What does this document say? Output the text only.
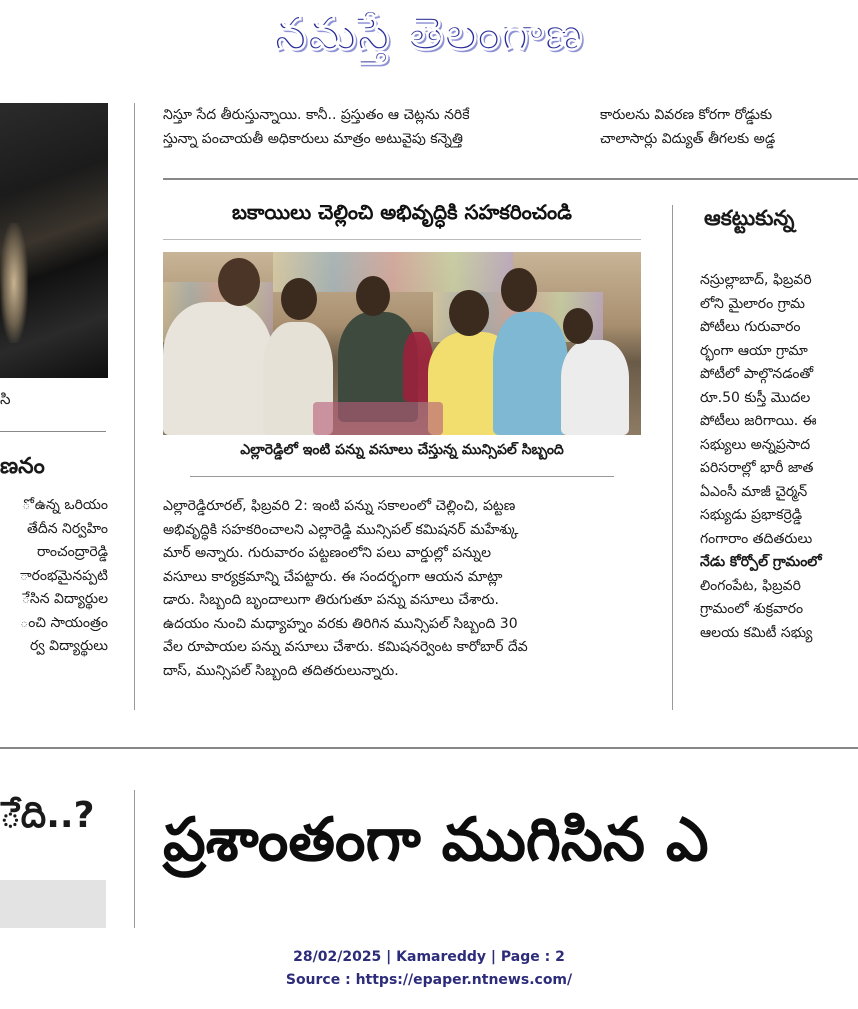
నమస్తే తెలంగాణ
సి
ణనం
ో ఉన్న ఒరియం
తేదీన నిర్వహిం
రాంచంద్రారెడ్డి
ారంభమైనప్పటి
ేసిన విద్యార్థుల
ంచి సాయంత్రం
ర్వ విద్యార్థులు
నిస్తూ సేద తీరుస్తున్నాయి. కానీ.. ప్రస్తుతం ఆ చెట్లను నరికే
స్తున్నా పంచాయతీ అధికారులు మాత్రం అటువైపు కన్నెత్తి
కారులను వివరణ కోరగా రోడ్డుకు
చాలాసార్లు విద్యుత్ తీగలకు అడ్డ
బకాయిలు చెల్లించి అభివృద్ధికి సహకరించండి
ఎల్లారెడ్డిలో ఇంటి పన్ను వసూలు చేస్తున్న మున్సిపల్ సిబ్బంది
ఎల్లారెడ్డిరూరల్, ఫిబ్రవరి 2: ఇంటి పన్ను సకాలంలో చెల్లించి, పట్టణ
అభివృద్ధికి సహకరించాలని ఎల్లారెడ్డి మున్సిపల్ కమిషనర్ మహేశ్కు
మార్ అన్నారు. గురువారం పట్టణంలోని పలు వార్డుల్లో పన్నుల
వసూలు కార్యక్రమాన్ని చేపట్టారు. ఈ సందర్భంగా ఆయన మాట్లా
డారు. సిబ్బంది బృందాలుగా తిరుగుతూ పన్ను వసూలు చేశారు.
ఉదయం నుంచి మధ్యాహ్నం వరకు తిరిగిన మున్సిపల్ సిబ్బంది 30
వేల రూపాయల పన్ను వసూలు చేశారు. కమిషనర్వెంట కారోబార్ దేవ
దాస్, మున్సిపల్ సిబ్బంది తదితరులున్నారు.
ఆకట్టుకున్న
నస్రుల్లాబాద్, ఫిబ్రవరి
లోని మైలారం గ్రామ
పోటీలు గురువారం
ర్భంగా ఆయా గ్రామా
పోటీలో పాల్గొనడంతో
రూ.50 కుస్తీ మొదల
పోటీలు జరిగాయి. ఈ
సభ్యులు అన్నప్రసాద
పరిసరాల్లో భారీ జాత
ఏఎంసీ మాజీ చైర్మన్
సభ్యుడు ప్రభాకర్రెడ్డి
గంగారాం తదితరులు
నేడు కోర్పోల్ గ్రామంలో
లింగంపేట, ఫిబ్రవరి
గ్రామంలో శుక్రవారం
ఆలయ కమిటీ సభ్యు
ేది..? ప్రశాంతంగా ముగిసిన ఎ
28/02/2025 | Kamareddy | Page : 2
Source : https://epaper.ntnews.com/
